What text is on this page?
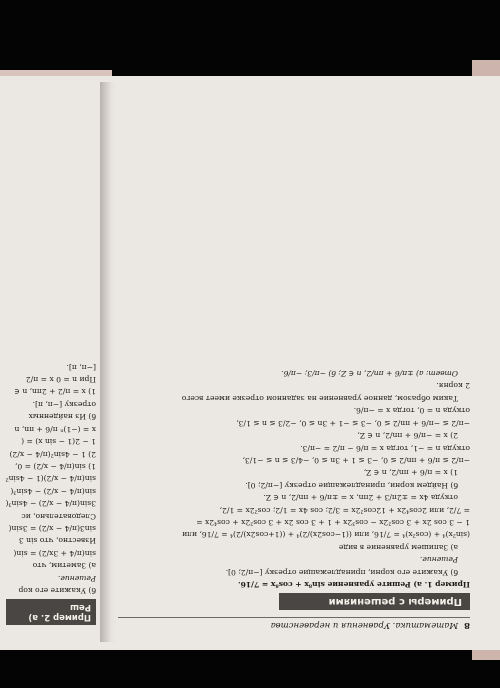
Пример 2. а) Реш
б) Укажите его кор
Решение.
а) Заметим, что
sin(π/4 + 3x/2) = sin(
Известно, что sin 3
sin3(π/4 − x/2) = 3sin(
Следовательно, ис
3sin(π/4 − x/2) − 4sin³(
sin(π/4 − x/2) − 4sin³(
sin(π/4 − x/2)(1 − 4sin²
1) sin(π/4 − x/2) = 0,
2) 1 − 4sin²(π/4 − x/2)
1 − 2(1 − sin x) = (
x = (−1)ⁿ π/6 + πn, n
б) Из найденных
отрезку [−π, π].
1) x = π/2 + 2πn, n ∈
При n = 0 x = π/2
[−π, π].
8
Математика. Уравнения и неравенства
Примеры с решениями
Пример 1. а) Решите уравнение sin⁸x + cos⁸x = 7/16.
б) Укажите его корни, принадлежащие отрезку [−π/2; 0].
Решение.
а) Запишем уравнение в виде
(sin²x)⁴ + (cos²x)⁴ = 7/16, или ((1−cos2x)/2)⁴ + ((1+cos2x)/2)⁴ = 7/16, или
1 − 3 cos 2x + 3 cos²2x − cos³2x + 1 + 3 cos 2x + 3 cos²2x + cos⁴2x =
= 7/2, или 2cos⁴2x + 12cos²2x = 3/2; cos 4x = 1/2; cos²2x = 1/2,
откуда 4x = ±2π/3 + 2πn, x = ±π/6 + πn/2, n ∈ Z.
б) Найдем корни, принадлежащие отрезку [−π/2; 0].
1) x = π/6 + πn/2, n ∈ Z,
−π/2 ≤ π/6 + πn/2 ≤ 0, −3 ≤ 1 + 3n ≤ 0, −4/3 ≤ n ≤ −1/3,
откуда n = −1, тогда x = π/6 − π/2 = −π/3.
2) x = −π/6 + πn/2, n ∈ Z,
−π/2 ≤ −π/6 + πn/2 ≤ 0, −3 ≤ −1 + 3n ≤ 0, −2/3 ≤ n ≤ 1/3,
откуда n = 0, тогда x = −π/6.
Таким образом, данное уравнение на заданном отрезке имеет всего
2 корня.
Ответ: а) ±π/6 + πn/2, n ∈ Z; б) −π/3; −π/6.
